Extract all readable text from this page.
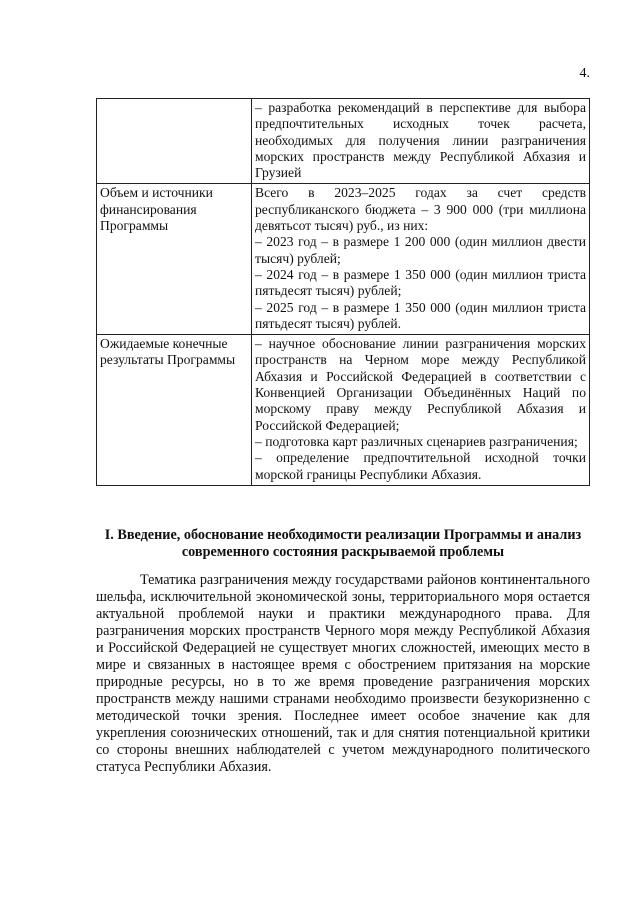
4.

	– разработка рекомендаций в перспективе для выбора предпочтительных исходных точек расчета, необходимых для получения линии разграничения морских пространств между Республикой Абхазия и Грузией

Объем и источники финансирования Программы	Всего в 2023–2025 годах за счет средств республиканского бюджета – 3 900 000 (три миллиона девятьсот тысяч) руб., из них:
– 2023 год – в размере 1 200 000 (один миллион двести тысяч) рублей;
– 2024 год – в размере 1 350 000 (один миллион триста пятьдесят тысяч) рублей;
– 2025 год – в размере 1 350 000 (один миллион триста пятьдесят тысяч) рублей.

Ожидаемые конечные результаты Программы	– научное обоснование линии разграничения морских пространств на Черном море между Республикой Абхазия и Российской Федерацией в соответствии с Конвенцией Организации Объединённых Наций по морскому праву между Республикой Абхазия и Российской Федерацией;
– подготовка карт различных сценариев разграничения;
– определение предпочтительной исходной точки морской границы Республики Абхазия.
I. Введение, обоснование необходимости реализации Программы и анализ современного состояния раскрываемой проблемы

Тематика разграничения между государствами районов континентального шельфа, исключительной экономической зоны, территориального моря остается актуальной проблемой науки и практики международного права. Для разграничения морских пространств Черного моря между Республикой Абхазия и Российской Федерацией не существует многих сложностей, имеющих место в мире и связанных в настоящее время с обострением притязания на морские природные ресурсы, но в то же время проведение разграничения морских пространств между нашими странами необходимо произвести безукоризненно с методической точки зрения. Последнее имеет особое значение как для укрепления союзнических отношений, так и для снятия потенциальной критики со стороны внешних наблюдателей с учетом международного политического статуса Республики Абхазия.
